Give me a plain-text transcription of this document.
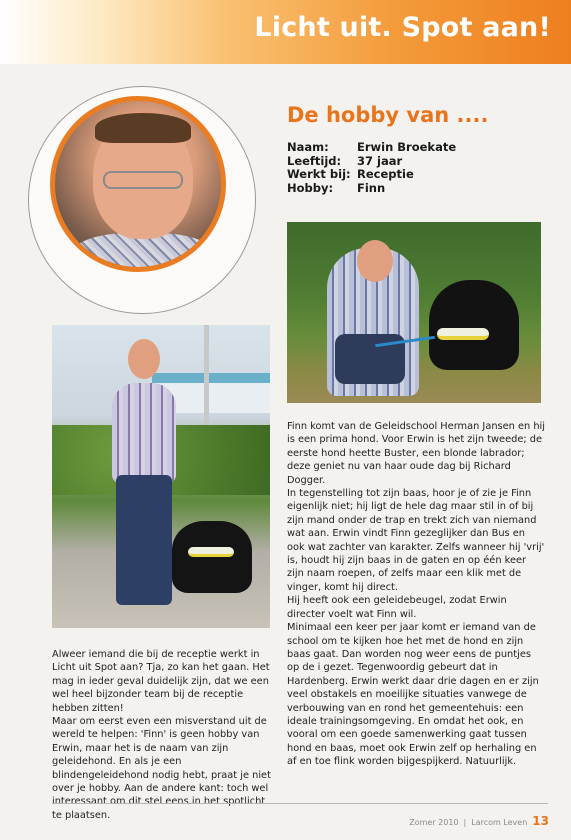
Licht uit. Spot aan!
De hobby van ....
Naam:	Erwin Broekate
Leeftijd:	37 jaar
Werkt bij: Receptie
Hobby:	Finn

Finn komt van de Geleidschool Herman Jansen en hij is een prima hond. Voor Erwin is het zijn tweede; de eerste hond heette Buster, een blonde labrador; deze geniet nu van haar oude dag bij Richard Dogger.

In tegenstelling tot zijn baas, hoor je of zie je Finn eigenlijk niet; hij ligt de hele dag maar stil in of bij zijn mand onder de trap en trekt zich van niemand wat aan. Erwin vindt Finn gezeglijker dan Bus en ook wat zachter van karakter. Zelfs wanneer hij 'vrij' is, houdt hij zijn baas in de gaten en op één keer zijn naam roepen, of zelfs maar een klik met de vinger, komt hij direct.

Hij heeft ook een geleidebeugel, zodat Erwin directer voelt wat Finn wil.

Minimaal een keer per jaar komt er iemand van de school om te kijken hoe het met de hond en zijn baas gaat. Dan worden nog weer eens de puntjes op de i gezet. Tegenwoordig gebeurt dat in Hardenberg. Erwin werkt daar drie dagen en er zijn veel obstakels en moeilijke situaties vanwege de verbouwing van en rond het gemeentehuis: een ideale trainingsomgeving. En omdat het ook, en vooral om een goede samenwerking gaat tussen hond en baas, moet ook Erwin zelf op herhaling en af en toe flink worden bijgespijkerd. Natuurlijk.

Alweer iemand die bij de receptie werkt in Licht uit Spot aan? Tja, zo kan het gaan. Het mag in ieder geval duidelijk zijn, dat we een wel heel bijzonder team bij de receptie hebben zitten!

Maar om eerst even een misverstand uit de wereld te helpen: 'Finn' is geen hobby van Erwin, maar het is de naam van zijn geleidehond. En als je een blindengeleidehond nodig hebt, praat je niet over je hobby. Aan de andere kant: toch wel interessant om dit stel eens in het spotlicht te plaatsen.

Zomer 2010 | Larcom Leven 13
